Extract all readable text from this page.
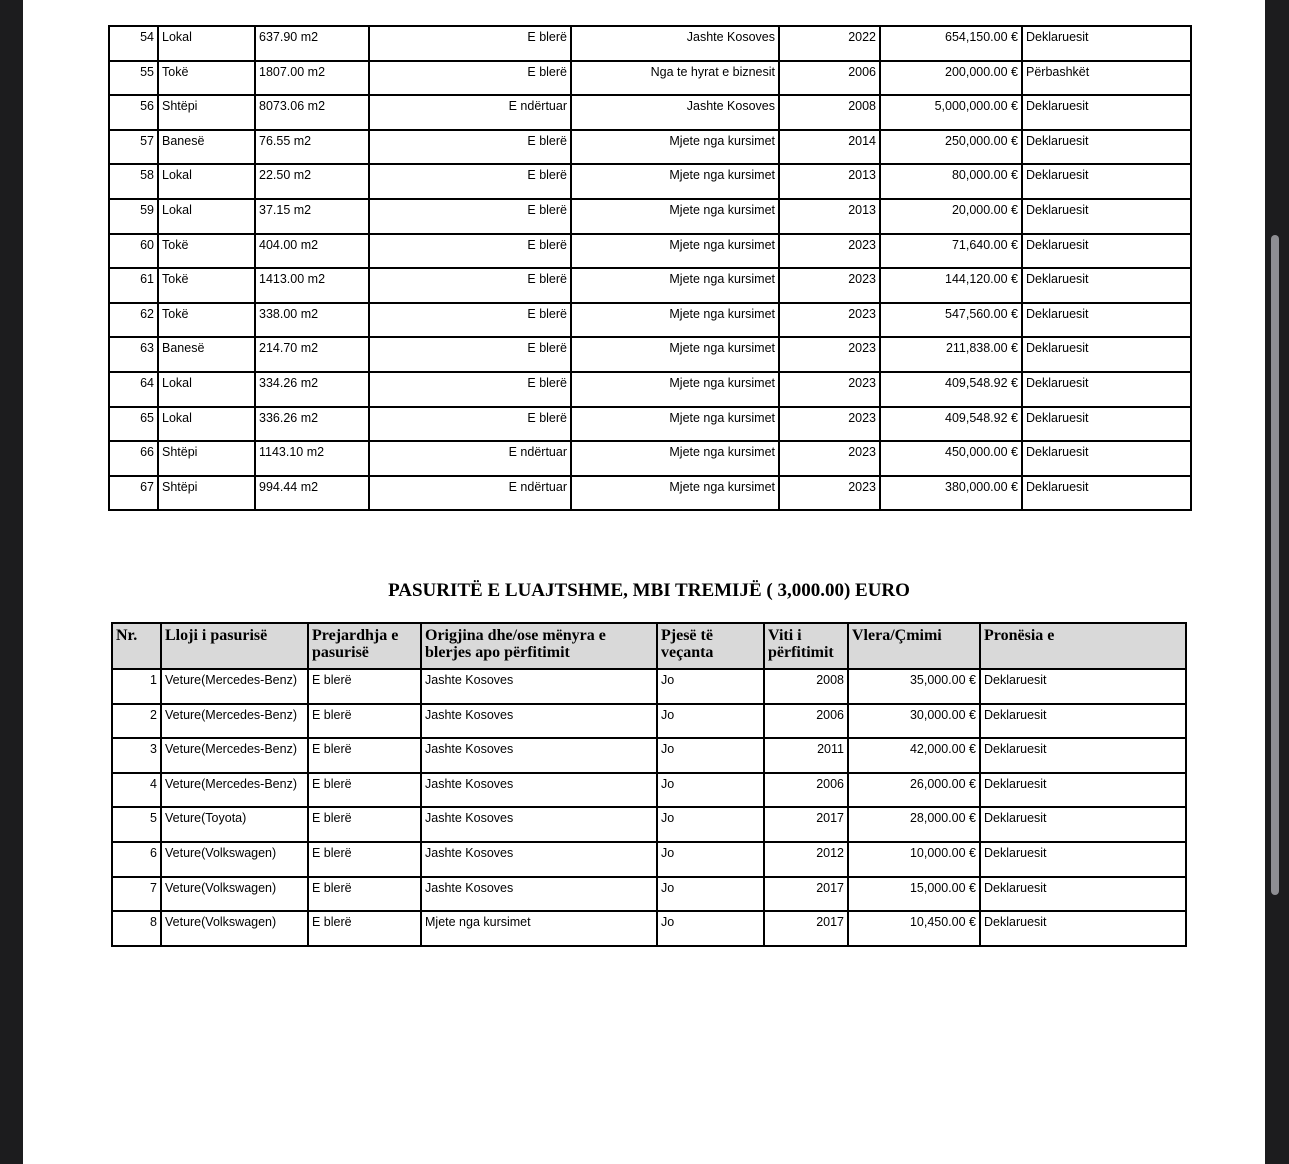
54	Lokal	637.90 m2	E blerë	Jashte Kosoves	2022	654,150.00 €	Deklaruesit
55	Tokë	1807.00 m2	E blerë	Nga te hyrat e biznesit	2006	200,000.00 €	Përbashkët
56	Shtëpi	8073.06 m2	E ndërtuar	Jashte Kosoves	2008	5,000,000.00 €	Deklaruesit
57	Banesë	76.55 m2	E blerë	Mjete nga kursimet	2014	250,000.00 €	Deklaruesit
58	Lokal	22.50 m2	E blerë	Mjete nga kursimet	2013	80,000.00 €	Deklaruesit
59	Lokal	37.15 m2	E blerë	Mjete nga kursimet	2013	20,000.00 €	Deklaruesit
60	Tokë	404.00 m2	E blerë	Mjete nga kursimet	2023	71,640.00 €	Deklaruesit
61	Tokë	1413.00 m2	E blerë	Mjete nga kursimet	2023	144,120.00 €	Deklaruesit
62	Tokë	338.00 m2	E blerë	Mjete nga kursimet	2023	547,560.00 €	Deklaruesit
63	Banesë	214.70 m2	E blerë	Mjete nga kursimet	2023	211,838.00 €	Deklaruesit
64	Lokal	334.26 m2	E blerë	Mjete nga kursimet	2023	409,548.92 €	Deklaruesit
65	Lokal	336.26 m2	E blerë	Mjete nga kursimet	2023	409,548.92 €	Deklaruesit
66	Shtëpi	1143.10 m2	E ndërtuar	Mjete nga kursimet	2023	450,000.00 €	Deklaruesit
67	Shtëpi	994.44 m2	E ndërtuar	Mjete nga kursimet	2023	380,000.00 €	Deklaruesit
PASURITË E LUAJTSHME, MBI TREMIJË ( 3,000.00) EURO
Nr.	Lloji i pasurisë	Prejardhja e pasurisë	Origjina dhe/ose mënyra e blerjes apo përfitimit	Pjesë të veçanta	Viti i përfitimit	Vlera/Çmimi	Pronësia e
1	Veture(Mercedes-Benz)	E blerë	Jashte Kosoves	Jo	2008	35,000.00 €	Deklaruesit
2	Veture(Mercedes-Benz)	E blerë	Jashte Kosoves	Jo	2006	30,000.00 €	Deklaruesit
3	Veture(Mercedes-Benz)	E blerë	Jashte Kosoves	Jo	2011	42,000.00 €	Deklaruesit
4	Veture(Mercedes-Benz)	E blerë	Jashte Kosoves	Jo	2006	26,000.00 €	Deklaruesit
5	Veture(Toyota)	E blerë	Jashte Kosoves	Jo	2017	28,000.00 €	Deklaruesit
6	Veture(Volkswagen)	E blerë	Jashte Kosoves	Jo	2012	10,000.00 €	Deklaruesit
7	Veture(Volkswagen)	E blerë	Jashte Kosoves	Jo	2017	15,000.00 €	Deklaruesit
8	Veture(Volkswagen)	E blerë	Mjete nga kursimet	Jo	2017	10,450.00 €	Deklaruesit
